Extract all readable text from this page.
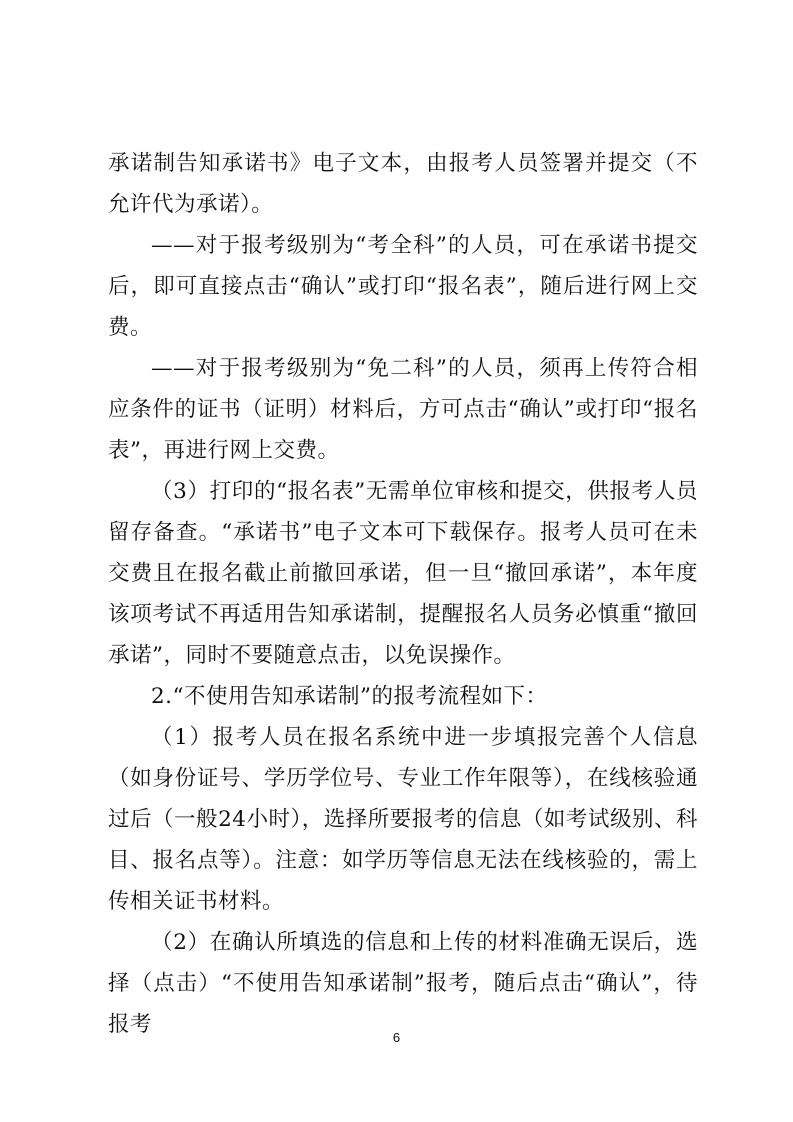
承诺制告知承诺书》电子文本，由报考人员签署并提交（不允许代为承诺）。

——对于报考级别为“考全科”的人员，可在承诺书提交后，即可直接点击“确认”或打印“报名表”，随后进行网上交费。

——对于报考级别为“免二科”的人员，须再上传符合相应条件的证书（证明）材料后，方可点击“确认”或打印“报名表”，再进行网上交费。

（3）打印的“报名表”无需单位审核和提交，供报考人员留存备查。“承诺书”电子文本可下载保存。报考人员可在未交费且在报名截止前撤回承诺，但一旦“撤回承诺”，本年度该项考试不再适用告知承诺制，提醒报名人员务必慎重“撤回承诺”，同时不要随意点击，以免误操作。

2.“不使用告知承诺制”的报考流程如下：

（1）报考人员在报名系统中进一步填报完善个人信息（如身份证号、学历学位号、专业工作年限等），在线核验通过后（一般24小时），选择所要报考的信息（如考试级别、科目、报名点等）。注意：如学历等信息无法在线核验的，需上传相关证书材料。

（2）在确认所填选的信息和上传的材料准确无误后，选择（点击）“不使用告知承诺制”报考，随后点击“确认”，待报考

6
